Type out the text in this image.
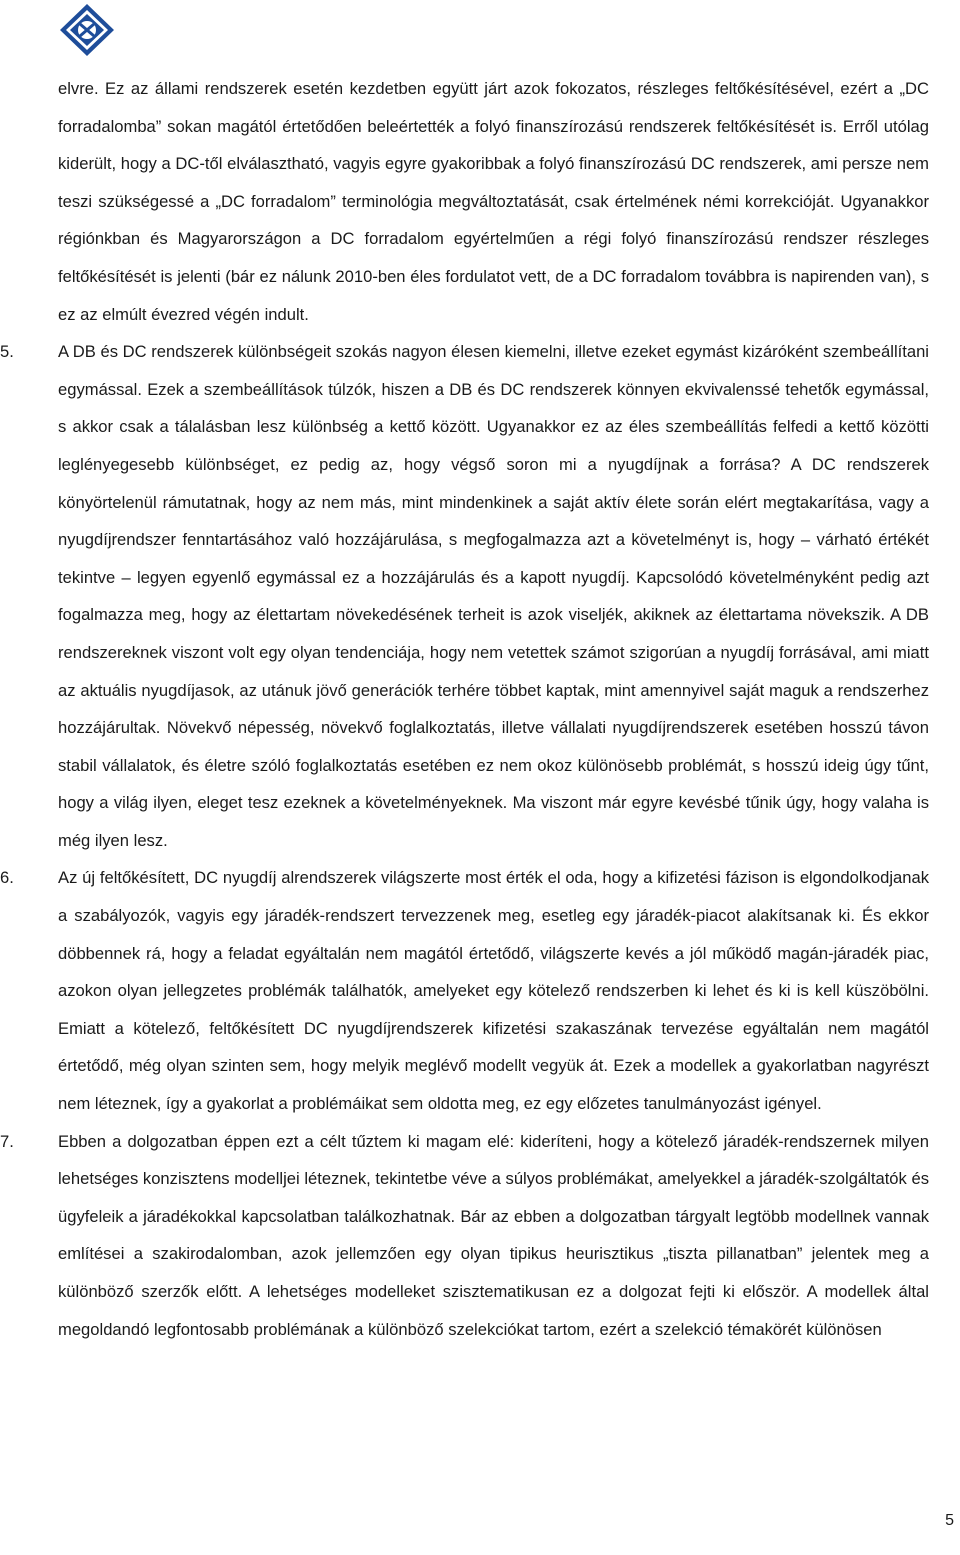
elvre. Ez az állami rendszerek esetén kezdetben együtt járt azok fokozatos, részleges feltőkésítésével, ezért a „DC forradalomba” sokan magától értetődően beleértették a folyó finanszírozású rendszerek feltőkésítését is. Erről utólag kiderült, hogy a DC-től elválasztható, vagyis egyre gyakoribbak a folyó finanszírozású DC rendszerek, ami persze nem teszi szükségessé a „DC forradalom” terminológia megváltoztatását, csak értelmének némi korrekcióját. Ugyanakkor régiónkban és Magyarországon a DC forradalom egyértelműen a régi folyó finanszírozású rendszer részleges feltőkésítését is jelenti (bár ez nálunk 2010-ben éles fordulatot vett, de a DC forradalom továbbra is napirenden van), s ez az elmúlt évezred végén indult.

5.	A DB és DC rendszerek különbségeit szokás nagyon élesen kiemelni, illetve ezeket egymást kizáróként szembeállítani egymással. Ezek a szembeállítások túlzók, hiszen a DB és DC rendszerek könnyen ekvivalenssé tehetők egymással, s akkor csak a tálalásban lesz különbség a kettő között. Ugyanakkor ez az éles szembeállítás felfedi a kettő közötti leglényegesebb különbséget, ez pedig az, hogy végső soron mi a nyugdíjnak a forrása? A DC rendszerek könyörtelenül rámutatnak, hogy az nem más, mint mindenkinek a saját aktív élete során elért megtakarítása, vagy a nyugdíjrendszer fenntartásához való hozzájárulása, s megfogalmazza azt a követelményt is, hogy – várható értékét tekintve – legyen egyenlő egymással ez a hozzájárulás és a kapott nyugdíj. Kapcsolódó követelményként pedig azt fogalmazza meg, hogy az élettartam növekedésének terheit is azok viseljék, akiknek az élettartama növekszik. A DB rendszereknek viszont volt egy olyan tendenciája, hogy nem vetettek számot szigorúan a nyugdíj forrásával, ami miatt az aktuális nyugdíjasok, az utánuk jövő generációk terhére többet kaptak, mint amennyivel saját maguk a rendszerhez hozzájárultak. Növekvő népesség, növekvő foglalkoztatás, illetve vállalati nyugdíjrendszerek esetében hosszú távon stabil vállalatok, és életre szóló foglalkoztatás esetében ez nem okoz különösebb problémát, s hosszú ideig úgy tűnt, hogy a világ ilyen, eleget tesz ezeknek a követelményeknek. Ma viszont már egyre kevésbé tűnik úgy, hogy valaha is még ilyen lesz.

6.	Az új feltőkésített, DC nyugdíj alrendszerek világszerte most érték el oda, hogy a kifizetési fázison is elgondolkodjanak a szabályozók, vagyis egy járadék-rendszert tervezzenek meg, esetleg egy járadék-piacot alakítsanak ki. És ekkor döbbennek rá, hogy a feladat egyáltalán nem magától értetődő, világszerte kevés a jól működő magán-járadék piac, azokon olyan jellegzetes problémák találhatók, amelyeket egy kötelező rendszerben ki lehet és ki is kell küszöbölni. Emiatt a kötelező, feltőkésített DC nyugdíjrendszerek kifizetési szakaszának tervezése egyáltalán nem magától értetődő, még olyan szinten sem, hogy melyik meglévő modellt vegyük át. Ezek a modellek a gyakorlatban nagyrészt nem léteznek, így a gyakorlat a problémáikat sem oldotta meg, ez egy előzetes tanulmányozást igényel.

7.	Ebben a dolgozatban éppen ezt a célt tűztem ki magam elé: kideríteni, hogy a kötelező járadék-rendszernek milyen lehetséges konzisztens modelljei léteznek, tekintetbe véve a súlyos problémákat, amelyekkel a járadék-szolgáltatók és ügyfeleik a járadékokkal kapcsolatban találkozhatnak. Bár az ebben a dolgozatban tárgyalt legtöbb modellnek vannak említései a szakirodalomban, azok jellemzően egy olyan tipikus heurisztikus „tiszta pillanatban” jelentek meg a különböző szerzők előtt. A lehetséges modelleket szisztematikusan ez a dolgozat fejti ki először. A modellek által megoldandó legfontosabb problémának a különböző szelekciókat tartom, ezért a szelekció témakörét különösen

5
